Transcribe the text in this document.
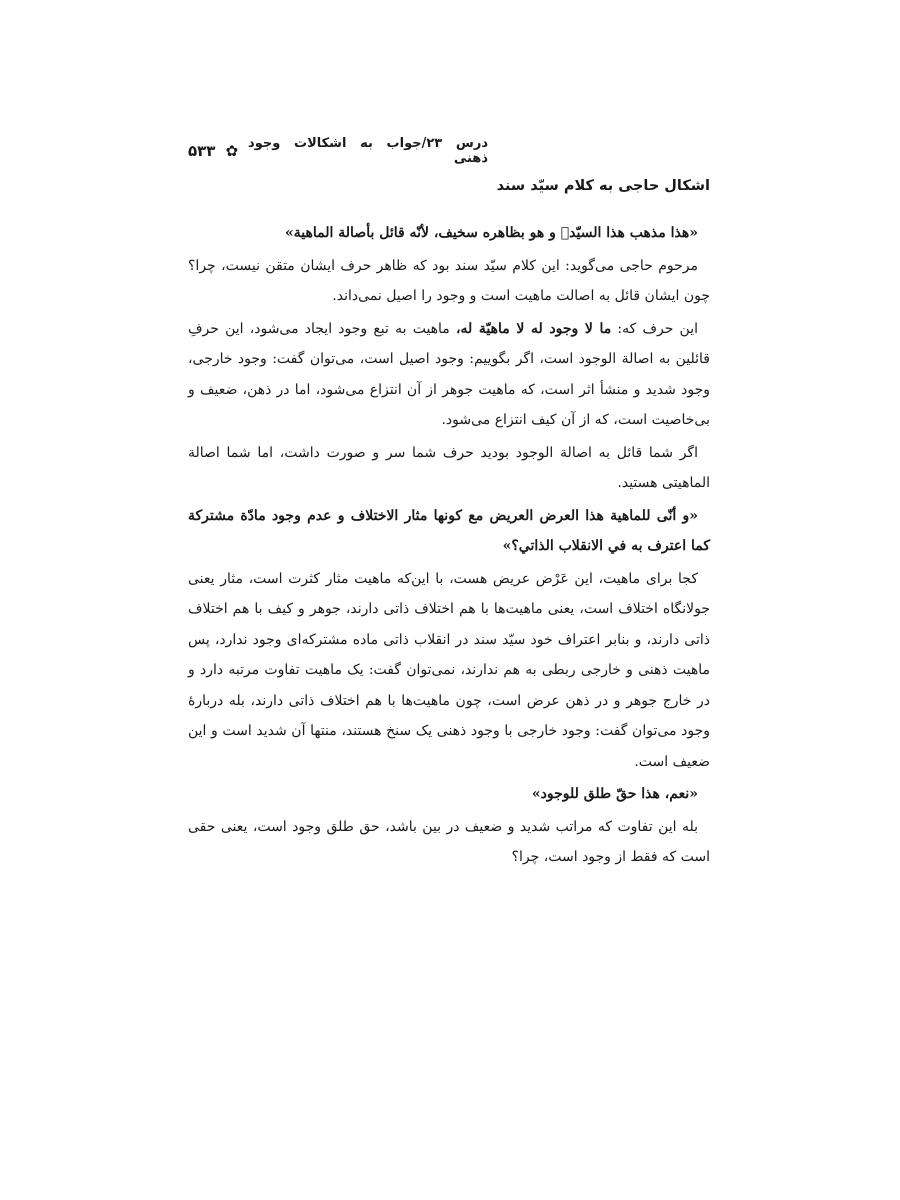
درس ۲۳/جواب به اشکالات وجود ذهنی
✿
۵۳۳
اشکال حاجی به کلام سیّد سند

«هذا مذهب هذا السیّد﷜ و هو بظاهره سخیف، لأنّه قائل بأصالة الماهیة»

مرحوم حاجی می‌گوید: این کلام سیّد سند بود که ظاهر حرف ایشان متقن نیست، چرا؟ چون ایشان قائل به اصالت ماهیت است و وجود را اصیل نمی‌داند.

این حرف که: ما لا وجود له لا ماهیّة له، ماهیت به تبع وجود ایجاد می‌شود، این حرفِ قائلین به اصالة الوجود است، اگر بگوییم: وجود اصیل است، می‌توان گفت: وجود خارجی، وجود شدید و منشأ اثر است، که ماهیت جوهر از آن انتزاع می‌شود، اما در ذهن، ضعیف و بی‌خاصیت است، که از آن کیف انتزاع می‌شود.

اگر شما قائل به اصالة الوجود بودید حرف شما سر و صورت داشت، اما شما اصالة الماهیتی هستید.

«و أنّی للماهیة هذا العرض العریض مع کونها مثار الاختلاف و عدم وجود مادّة مشترکة کما اعترف به في الانقلاب الذاتي؟»

کجا برای ماهیت، این عَرْض عریض هست، با این‌که ماهیت مثار کثرت است، مثار یعنی جولانگاه اختلاف است، یعنی ماهیت‌ها با هم اختلاف ذاتی دارند، جوهر و کیف با هم اختلاف ذاتی دارند، و بنابر اعتراف خود سیّد سند در انقلاب ذاتی ماده مشترکه‌ای وجود ندارد، پس ماهیت ذهنی و خارجی ربطی به هم ندارند، نمی‌توان گفت: یک ماهیت تفاوت مرتبه دارد و در خارج جوهر و در ذهن عرض است، چون ماهیت‌ها با هم اختلاف ذاتی دارند، بله دربارهٔ وجود می‌توان گفت: وجود خارجی با وجود ذهنی یک سنخ هستند، منتها آن شدید است و این ضعیف است.

«نعم، هذا حقّ طلق للوجود»

بله این تفاوت که مراتب شدید و ضعیف در بین باشد، حق طلق وجود است، یعنی حقی است که فقط از وجود است، چرا؟
